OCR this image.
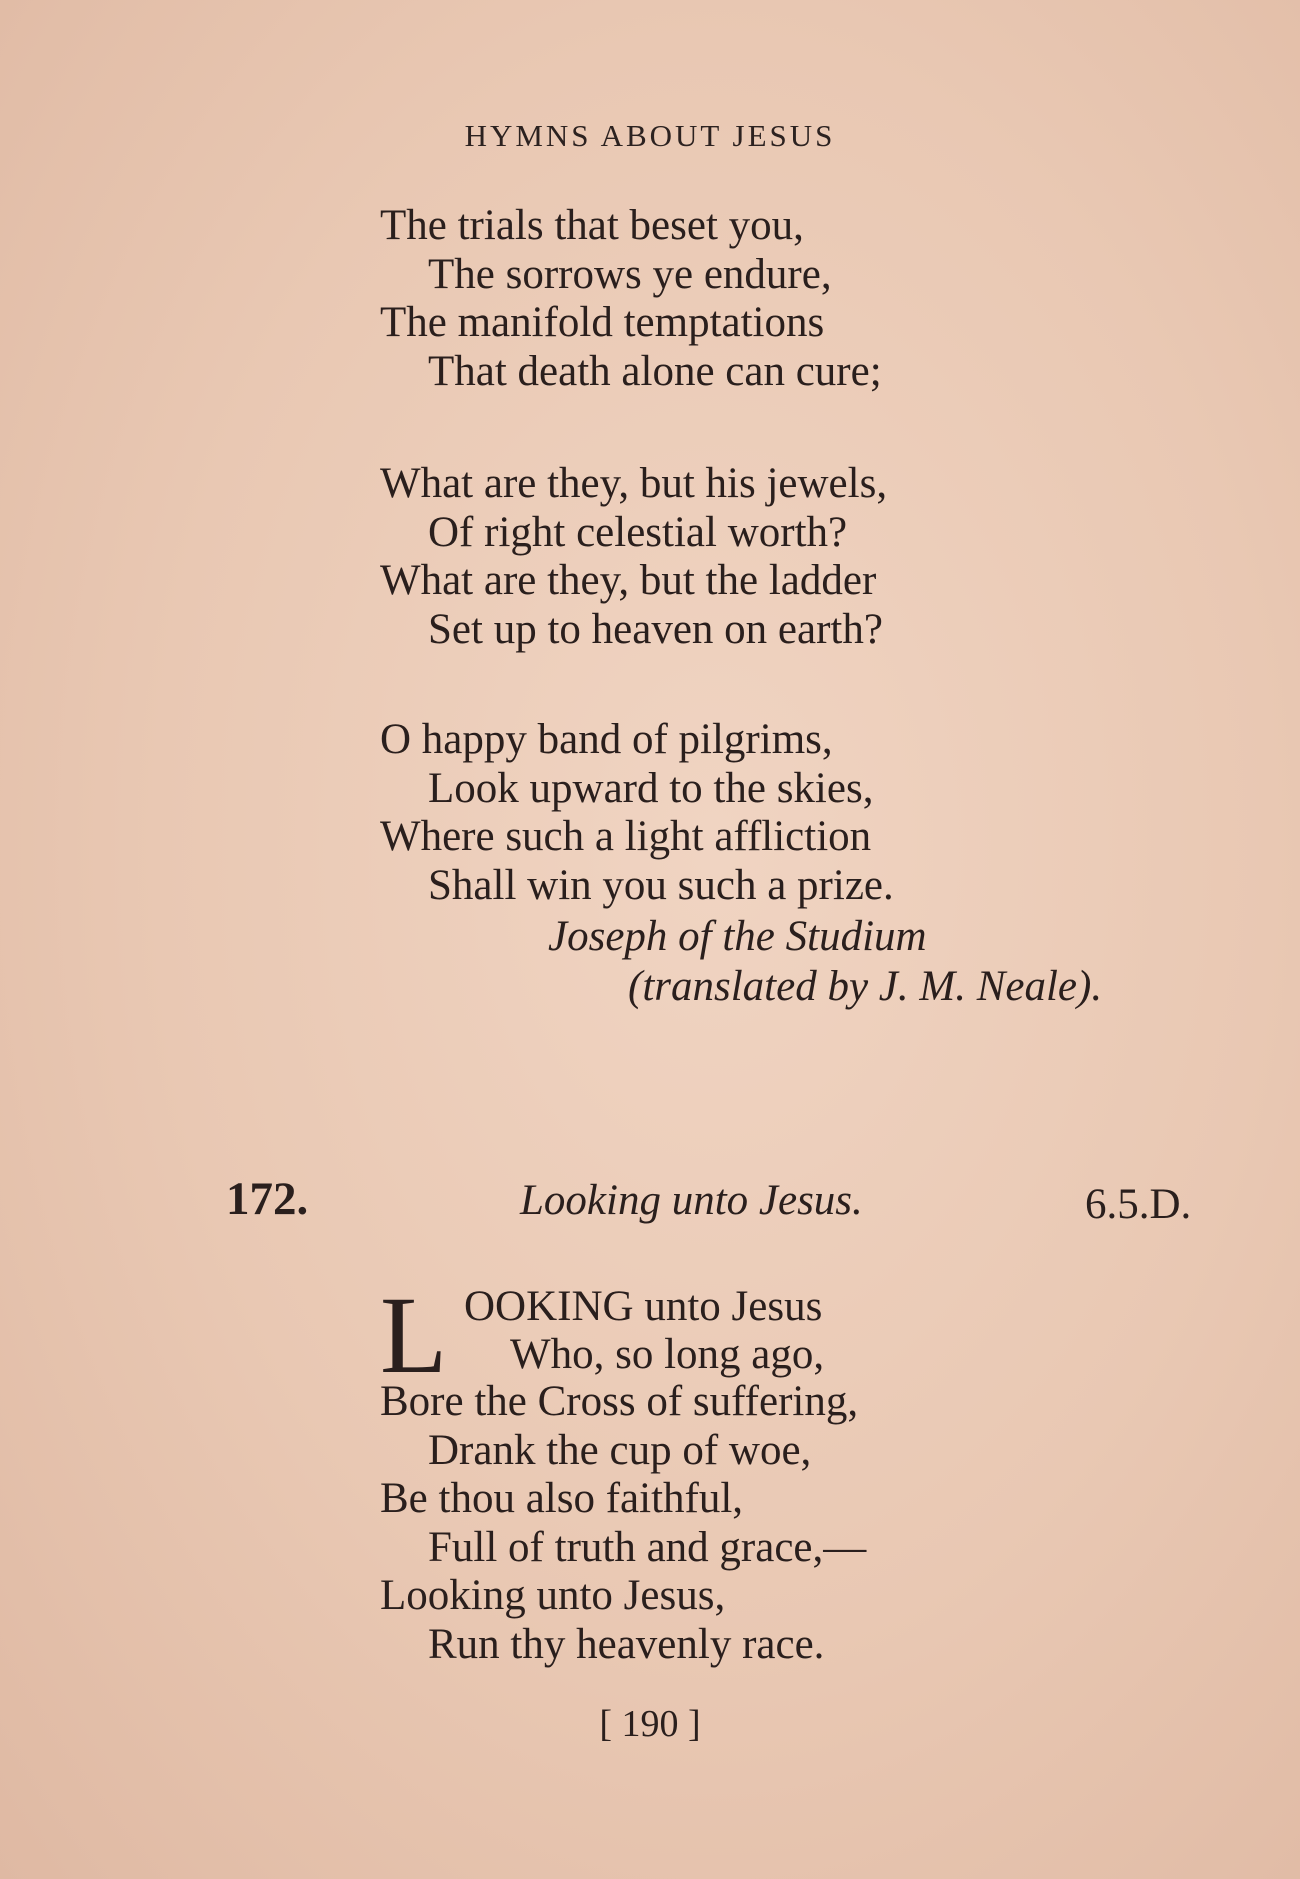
HYMNS ABOUT JESUS
The trials that beset you,
The sorrows ye endure,
The manifold temptations
That death alone can cure;
What are they, but his jewels,
Of right celestial worth?
What are they, but the ladder
Set up to heaven on earth?
O happy band of pilgrims,
Look upward to the skies,
Where such a light affliction
Shall win you such a prize.
Joseph of the Studium
(translated by J. M. Neale).
172.	Looking unto Jesus.	6.5.D.
L OOKING unto Jesus
Who, so long ago,
Bore the Cross of suffering,
Drank the cup of woe,
Be thou also faithful,
Full of truth and grace,—
Looking unto Jesus,
Run thy heavenly race.
[ 190 ]
